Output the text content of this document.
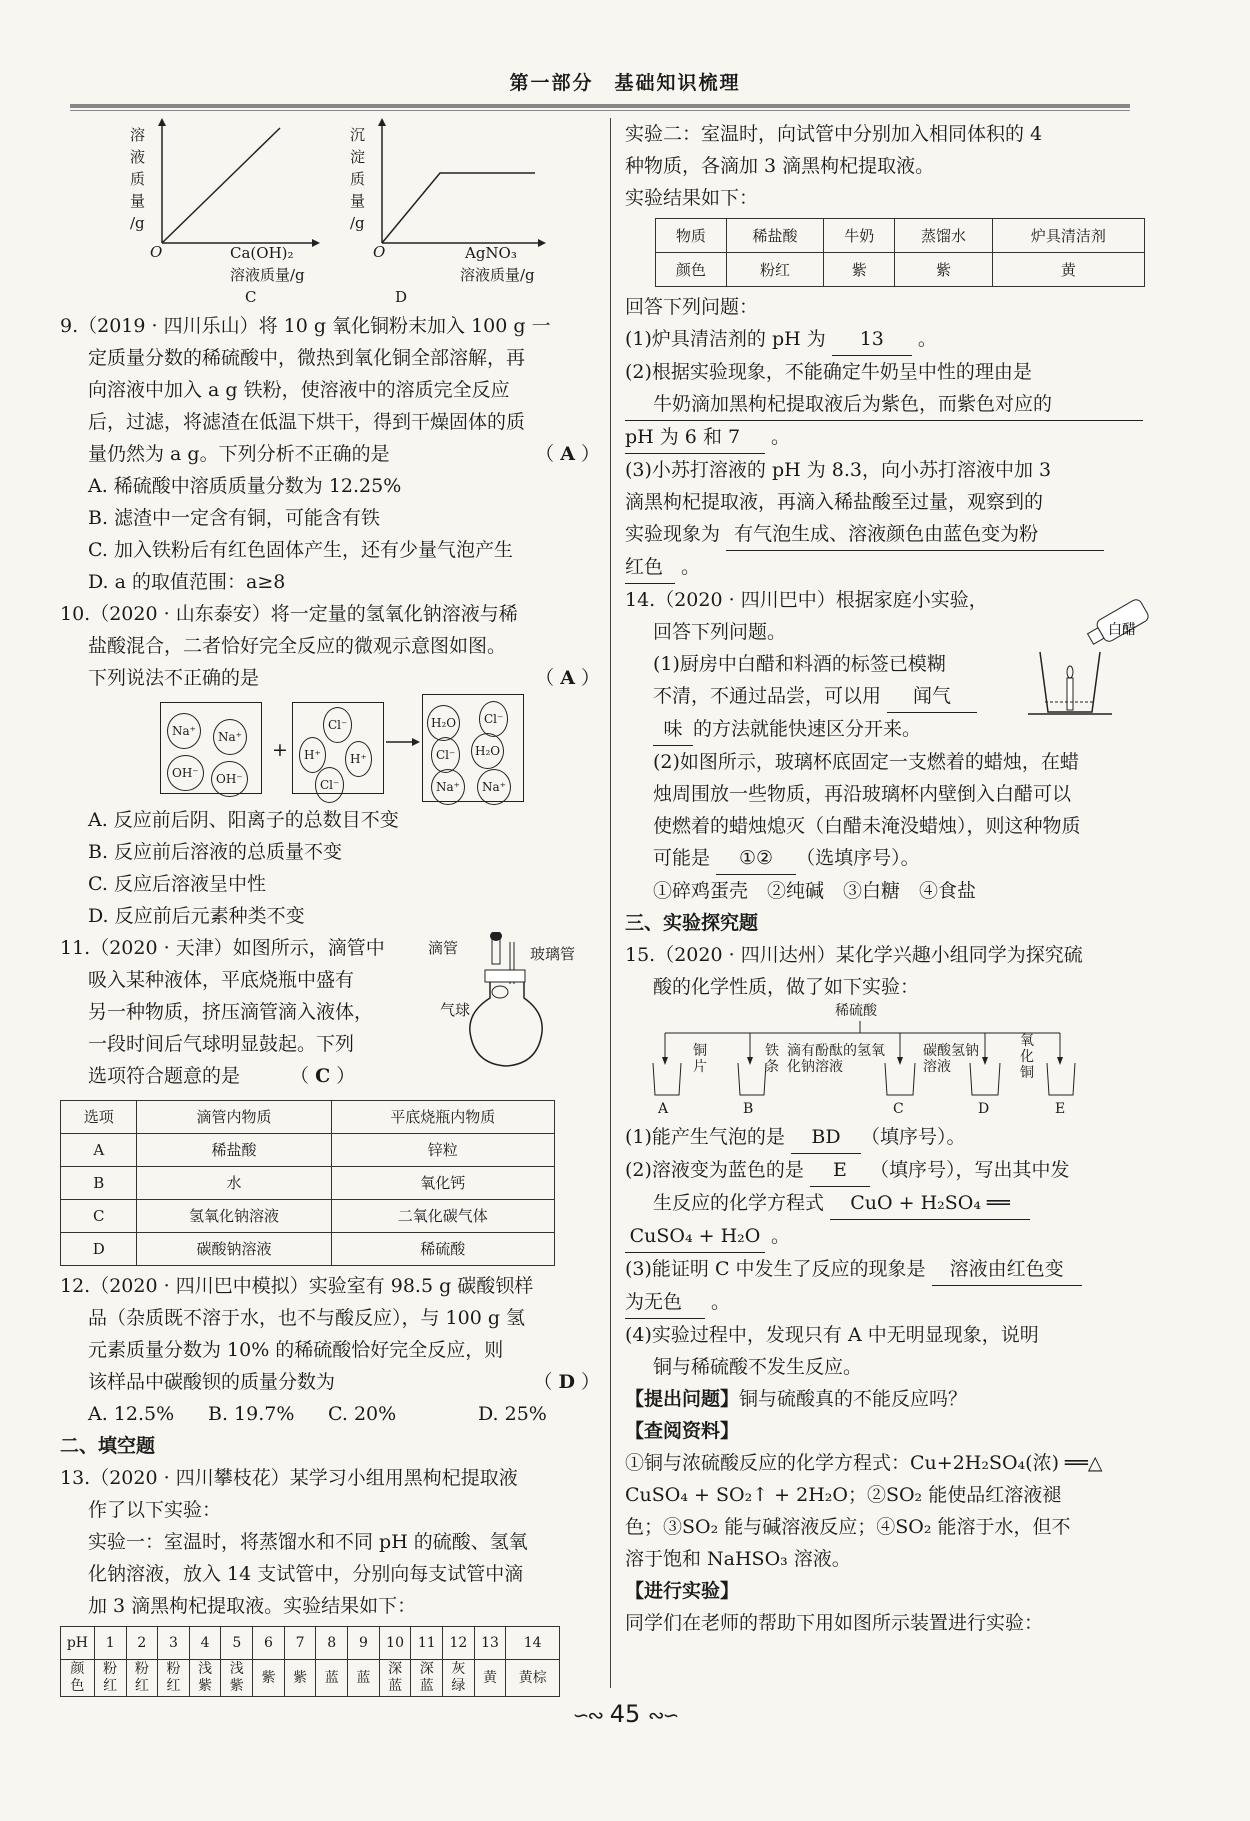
第一部分　基础知识梳理
溶
液
质
量
/g
O	Ca(OH)₂
溶液质量/g
C
沉
淀
质
量
/g
O	AgNO₃
溶液质量/g
D
9.（2019 · 四川乐山）将 10 g 氧化铜粉末加入 100 g 一
定质量分数的稀硫酸中，微热到氧化铜全部溶解，再
向溶液中加入 a g 铁粉，使溶液中的溶质完全反应
后，过滤，将滤渣在低温下烘干，得到干燥固体的质
量仍然为 a g。下列分析不正确的是	（ A ）
A. 稀硫酸中溶质质量分数为 12.25%
B. 滤渣中一定含有铜，可能含有铁
C. 加入铁粉后有红色固体产生，还有少量气泡产生
D. a 的取值范围：a≥8
10.（2020 · 山东泰安）将一定量的氢氧化钠溶液与稀
盐酸混合，二者恰好完全反应的微观示意图如图。
下列说法不正确的是	（ A ）
Na⁺	Na⁺
OH⁻	OH⁻
+
Cl⁻
H⁺	H⁺
Cl⁻
H₂O	Cl⁻
Cl⁻	H₂O
Na⁺	Na⁺
A. 反应前后阴、阳离子的总数目不变
B. 反应前后溶液的总质量不变
C. 反应后溶液呈中性
D. 反应前后元素种类不变
11.（2020 · 天津）如图所示，滴管中
吸入某种液体，平底烧瓶中盛有
另一种物质，挤压滴管滴入液体，
一段时间后气球明显鼓起。下列
选项符合题意的是	（ C ）
滴管	玻璃管
气球
选项	滴管内物质	平底烧瓶内物质
A	稀盐酸	锌粒
B	水	氧化钙
C	氢氧化钠溶液	二氧化碳气体
D	碳酸钠溶液	稀硫酸
12.（2020 · 四川巴中模拟）实验室有 98.5 g 碳酸钡样
品（杂质既不溶于水，也不与酸反应），与 100 g 氢
元素质量分数为 10% 的稀硫酸恰好完全反应，则
该样品中碳酸钡的质量分数为	（ D ）
A. 12.5% B. 19.7% C. 20%	D. 25%
二、填空题
13.（2020 · 四川攀枝花）某学习小组用黑枸杞提取液
作了以下实验：
实验一：室温时，将蒸馏水和不同 pH 的硫酸、氢氧
化钠溶液，放入 14 支试管中，分别向每支试管中滴
加 3 滴黑枸杞提取液。实验结果如下：
pH	1	2	3	4	5	6	7	8	9	10	11	12	13	14
颜色	粉红	粉红	粉红	浅紫	浅紫	紫	紫	蓝	蓝	深蓝	深蓝	灰绿	黄	黄棕
实验二：室温时，向试管中分别加入相同体积的 4
种物质，各滴加 3 滴黑枸杞提取液。
实验结果如下：
物质	稀盐酸	牛奶	蒸馏水	炉具清洁剂
颜色	粉红	紫	紫	黄
回答下列问题：
(1)炉具清洁剂的 pH 为 13 。
(2)根据实验现象，不能确定牛奶呈中性的理由是
牛奶滴加黑枸杞提取液后为紫色，而紫色对应的
pH 为 6 和 7 。
(3)小苏打溶液的 pH 为 8.3，向小苏打溶液中加 3
滴黑枸杞提取液，再滴入稀盐酸至过量，观察到的
实验现象为 有气泡生成、溶液颜色由蓝色变为粉
红色 。
14.（2020 · 四川巴中）根据家庭小实验，
回答下列问题。
(1)厨房中白醋和料酒的标签已模糊
不清，不通过品尝，可以用 闻气
味 的方法就能快速区分开来。
白醋
(2)如图所示，玻璃杯底固定一支燃着的蜡烛，在蜡
烛周围放一些物质，再沿玻璃杯内壁倒入白醋可以
使燃着的蜡烛熄灭（白醋未淹没蜡烛），则这种物质
可能是 ①② （选填序号）。
①碎鸡蛋壳　②纯碱　③白糖　④食盐
三、实验探究题
15.（2020 · 四川达州）某化学兴趣小组同学为探究硫
酸的化学性质，做了如下实验：
稀硫酸
铜片
铁条
滴有酚酞的氢氧化钠溶液
碳酸氢钠溶液
氧化铜
A	B	C	D	E
(1)能产生气泡的是 BD （填序号）。
(2)溶液变为蓝色的是 E （填序号），写出其中发
生反应的化学方程式 CuO + H₂SO₄ ══
CuSO₄ + H₂O 。
(3)能证明 C 中发生了反应的现象是 溶液由红色变
为无色 。
(4)实验过程中，发现只有 A 中无明显现象，说明
铜与稀硫酸不发生反应。
【提出问题】铜与硫酸真的不能反应吗？
【查阅资料】
①铜与浓硫酸反应的化学方程式：Cu+2H₂SO₄(浓) ══△
CuSO₄ + SO₂↑ + 2H₂O；②SO₂ 能使品红溶液褪
色；③SO₂ 能与碱溶液反应；④SO₂ 能溶于水，但不
溶于饱和 NaHSO₃ 溶液。
【进行实验】
同学们在老师的帮助下用如图所示装置进行实验：
∽∾ 45 ∾∽
